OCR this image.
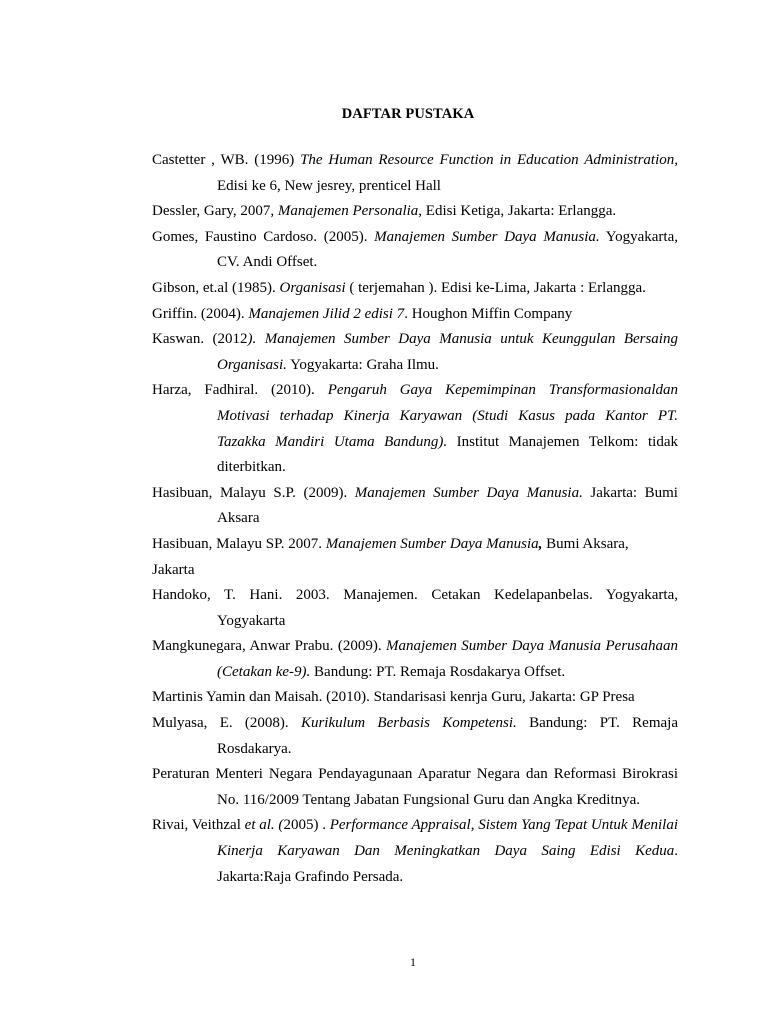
DAFTAR PUSTAKA

Castetter , WB. (1996) The Human Resource Function in Education Administration, Edisi ke 6, New jesrey, prenticel Hall

Dessler, Gary, 2007, Manajemen Personalia, Edisi Ketiga, Jakarta: Erlangga.

Gomes, Faustino Cardoso. (2005). Manajemen Sumber Daya Manusia. Yogyakarta, CV. Andi Offset.

Gibson, et.al (1985). Organisasi ( terjemahan ). Edisi ke-Lima, Jakarta : Erlangga.

Griffin. (2004). Manajemen Jilid 2 edisi 7. Houghon Miffin Company

Kaswan. (2012). Manajemen Sumber Daya Manusia untuk Keunggulan Bersaing Organisasi. Yogyakarta: Graha Ilmu.

Harza, Fadhiral. (2010). Pengaruh Gaya Kepemimpinan Transformasionaldan Motivasi terhadap Kinerja Karyawan (Studi Kasus pada Kantor PT. Tazakka Mandiri Utama Bandung). Institut Manajemen Telkom: tidak diterbitkan.

Hasibuan, Malayu S.P. (2009). Manajemen Sumber Daya Manusia. Jakarta: Bumi Aksara

Hasibuan, Malayu SP. 2007. Manajemen Sumber Daya Manusia, Bumi Aksara,

Jakarta

Handoko, T. Hani. 2003. Manajemen. Cetakan Kedelapanbelas. Yogyakarta, Yogyakarta

Mangkunegara, Anwar Prabu. (2009). Manajemen Sumber Daya Manusia Perusahaan (Cetakan ke-9). Bandung: PT. Remaja Rosdakarya Offset.

Martinis Yamin dan Maisah. (2010). Standarisasi kenrja Guru, Jakarta: GP Presa

Mulyasa, E. (2008). Kurikulum Berbasis Kompetensi. Bandung: PT. Remaja Rosdakarya.

Peraturan Menteri Negara Pendayagunaan Aparatur Negara dan Reformasi Birokrasi No. 116/2009 Tentang Jabatan Fungsional Guru dan Angka Kreditnya.

Rivai, Veithzal et al. (2005) . Performance Appraisal, Sistem Yang Tepat Untuk Menilai Kinerja Karyawan Dan Meningkatkan Daya Saing Edisi Kedua. Jakarta:Raja Grafindo Persada.

1
